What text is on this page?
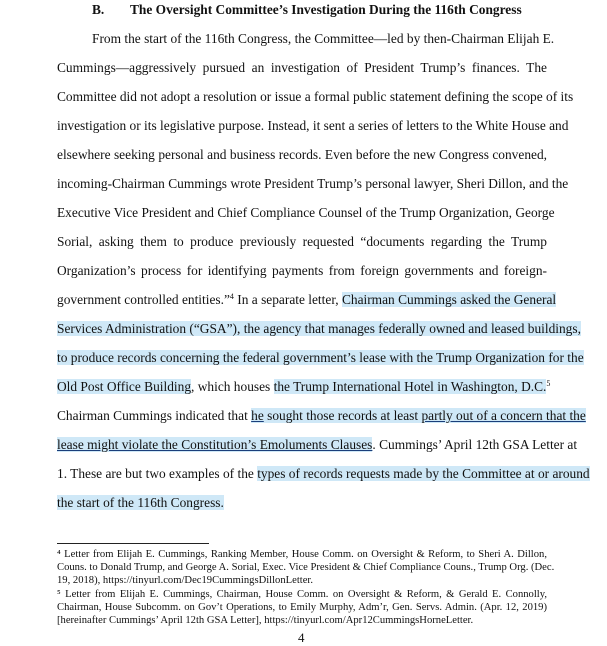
B. The Oversight Committee’s Investigation During the 116th Congress
From the start of the 116th Congress, the Committee—led by then-Chairman Elijah E.
Cummings—aggressively pursued an investigation of President Trump’s finances. The
Committee did not adopt a resolution or issue a formal public statement defining the scope of its
investigation or its legislative purpose. Instead, it sent a series of letters to the White House and
elsewhere seeking personal and business records. Even before the new Congress convened,
incoming-Chairman Cummings wrote President Trump’s personal lawyer, Sheri Dillon, and the
Executive Vice President and Chief Compliance Counsel of the Trump Organization, George
Sorial, asking them to produce previously requested “documents regarding the Trump
Organization’s process for identifying payments from foreign governments and foreign-
government controlled entities.”$^4$ In a separate letter, Chairman Cummings asked the General
Services Administration (“GSA”), the agency that manages federally owned and leased buildings,
to produce records concerning the federal government’s lease with the Trump Organization for the
Old Post Office Building, which houses the Trump International Hotel in Washington, D.C.$^5$
Chairman Cummings indicated that he sought those records at least partly out of a concern that the
lease might violate the Constitution’s Emoluments Clauses. Cummings’ April 12th GSA Letter at
1. These are but two examples of the types of records requests made by the Committee at or around
the start of the 116th Congress.
⁴ Letter from Elijah E. Cummings, Ranking Member, House Comm. on Oversight & Reform, to Sheri A. Dillon,
Couns. to Donald Trump, and George A. Sorial, Exec. Vice President & Chief Compliance Couns., Trump Org. (Dec.
19, 2018), https://tinyurl.com/Dec19CummingsDillonLetter.
⁵ Letter from Elijah E. Cummings, Chairman, House Comm. on Oversight & Reform, & Gerald E. Connolly,
Chairman, House Subcomm. on Gov’t Operations, to Emily Murphy, Adm’r, Gen. Servs. Admin. (Apr. 12, 2019)
[hereinafter Cummings’ April 12th GSA Letter], https://tinyurl.com/Apr12CummingsHorneLetter.
4
